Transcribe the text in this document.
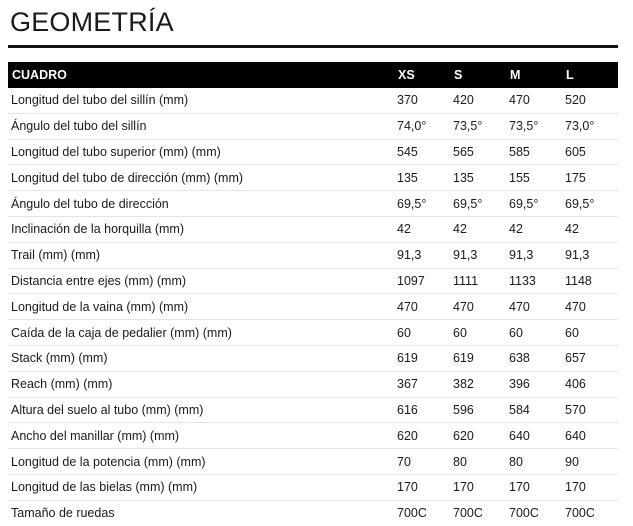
GEOMETRÍA
CUADRO	XS	S	M	L
Longitud del tubo del sillín (mm)	370	420	470	520
Ángulo del tubo del sillín	74,0°	73,5°	73,5°	73,0°
Longitud del tubo superior (mm) (mm)	545	565	585	605
Longitud del tubo de dirección (mm) (mm)	135	135	155	175
Ángulo del tubo de dirección	69,5°	69,5°	69,5°	69,5°
Inclinación de la horquilla (mm)	42	42	42	42
Trail (mm) (mm)	91,3	91,3	91,3	91,3
Distancia entre ejes (mm) (mm)	1097	1111	1133	1148
Longitud de la vaina (mm) (mm)	470	470	470	470
Caída de la caja de pedalier (mm) (mm)	60	60	60	60
Stack (mm) (mm)	619	619	638	657
Reach (mm) (mm)	367	382	396	406
Altura del suelo al tubo (mm) (mm)	616	596	584	570
Ancho del manillar (mm) (mm)	620	620	640	640
Longitud de la potencia (mm) (mm)	70	80	80	90
Longitud de las bielas (mm) (mm)	170	170	170	170
Tamaño de ruedas	700C	700C	700C	700C
